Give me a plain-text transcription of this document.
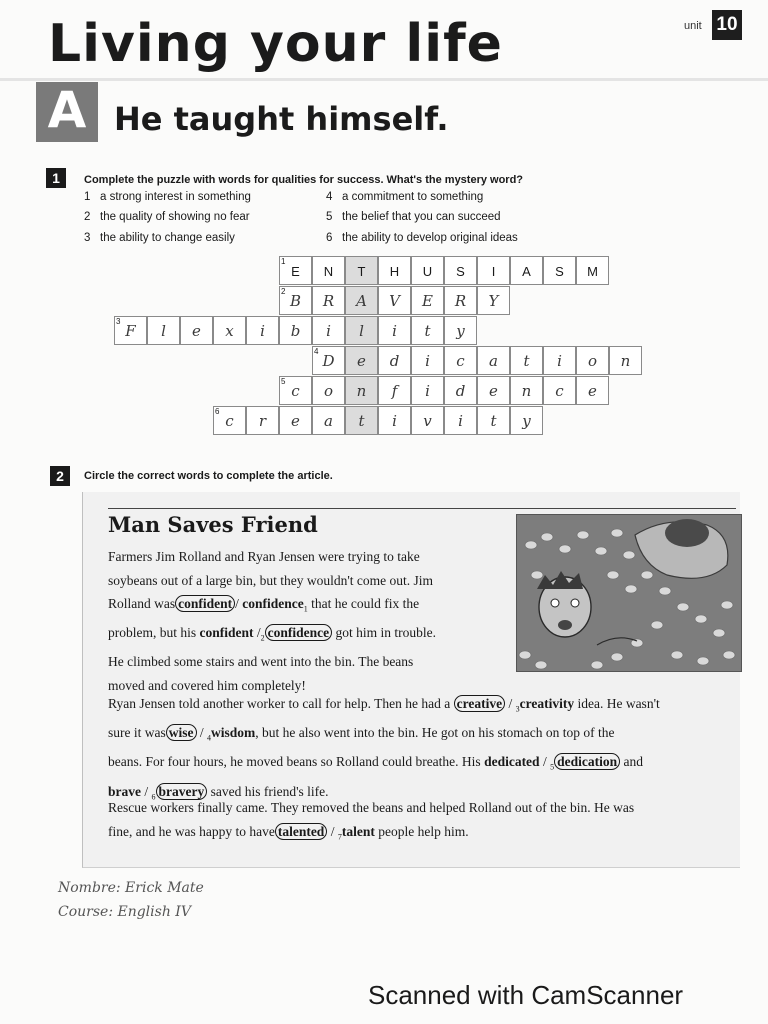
Living your life	unit 10
A He taught himself.
1	Complete the puzzle with words for qualities for success. What's the mystery word?
1 a strong interest in something
2 the quality of showing no fear
3 the ability to change easily
4 a commitment to something
5 the belief that you can succeed
6 the ability to develop original ideas
E	N	T	H	U	S	I	A	S	M
1
B	R	A	V	E	R	Y
2
F	l	e	x	i	b	i	l	i	t	y
3
D	e	d	i	c	a	t	i	o	n
4
c	o	n	f	i	d	e	n	c	e
5
c	r	e	a	t	i	v	i	t	y
6
2	Circle the correct words to complete the article.
Man Saves Friend
Farmers Jim Rolland and Ryan Jensen were trying to take
soybeans out of a large bin, but they wouldn't come out. Jim
Rolland was confident / confidence$_1$ that he could fix the
problem, but his confident $/_2$ confidence got him in trouble.
He climbed some stairs and went into the bin. The beans
moved and covered him completely!
Ryan Jensen told another worker to call for help. Then he had a creative / $_3$creativity idea. He wasn't
sure it was wise / $_4$wisdom, but he also went into the bin. He got on his stomach on top of the
beans. For four hours, he moved beans so Rolland could breathe. His dedicated / $_5$ dedication and
brave / $_6$ bravery saved his friend's life.
Rescue workers finally came. They removed the beans and helped Rolland out of the bin. He was
fine, and he was happy to have talented / $_7$talent people help him.
Nombre: Erick Mate
Course: English IV
Scanned with CamScanner
